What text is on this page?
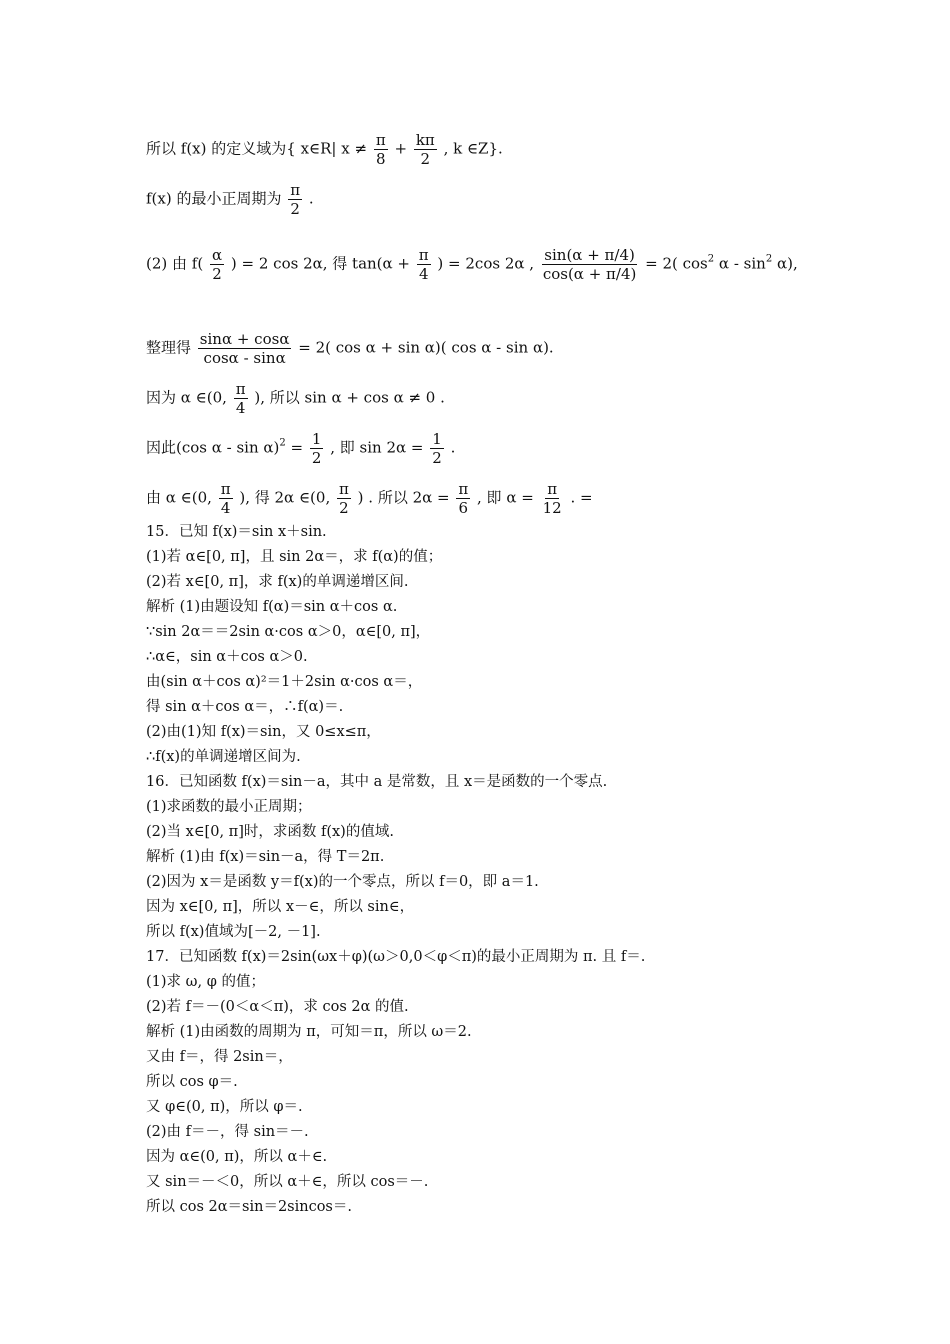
所以 f(x) 的定义域为{ x∈R| $x \ne \frac{\pi}{8} + \frac{k\pi}{2}$ , k ∈Z}.
f(x) 的最小正周期为 $\frac{\pi}{2}$ .
(2) 由 $f( \frac{\alpha}{2}$ ) = 2 cos 2α, 得 $\tan(\alpha + \frac{\pi}{4}$ ) = 2cos 2α , $\frac{\sin(\alpha + \pi/4)}{\cos(\alpha + \pi/4)} = 2$( $\cos^2 \alpha - \sin^2 \alpha$),
整理得 $\frac{\sin\alpha + \cos\alpha}{\cos\alpha - \sin\alpha} = 2$( cos α + sin α)( cos α - sin α).
因为 α ∈(0, $\frac{\pi}{4}$ ), 所以 sin α + cos α ≠ 0 .
因此(cos $\alpha - \sin \alpha)^2 = \frac{1}{2}$ , 即 $\sin 2\alpha = \frac{1}{2}$ .
由 α ∈(0, $\frac{\pi}{4}$ ), 得 2α ∈(0, $\frac{\pi}{2}$ ) . 所以 $2\alpha = \frac{\pi}{6}$ , 即 $\alpha = \frac{\pi}{12}$ . =
15．已知 f(x)＝sin x＋sin.
(1)若 α∈[0, π]，且 sin 2α＝，求 f(α)的值；
(2)若 x∈[0, π]，求 f(x)的单调递增区间.
解析 (1)由题设知 f(α)＝sin α＋cos α.
∵sin 2α＝＝2sin α·cos α＞0，α∈[0, π]，
∴α∈，sin α＋cos α＞0.
由(sin α＋cos α)²＝1＋2sin α·cos α＝，
得 sin α＋cos α＝，∴f(α)＝.
(2)由(1)知 f(x)＝sin，又 0≤x≤π，
∴f(x)的单调递增区间为.
16．已知函数 f(x)＝sin－a，其中 a 是常数，且 x＝是函数的一个零点.
(1)求函数的最小正周期；
(2)当 x∈[0, π]时，求函数 f(x)的值域.
解析 (1)由 f(x)＝sin－a，得 T＝2π.
(2)因为 x＝是函数 y＝f(x)的一个零点，所以 f＝0，即 a＝1.
因为 x∈[0, π]，所以 x－∈，所以 sin∈，
所以 f(x)值域为[－2, －1].
17．已知函数 f(x)＝2sin(ωx＋φ)(ω＞0,0＜φ＜π)的最小正周期为 π. 且 f＝.
(1)求 ω, φ 的值；
(2)若 f＝－(0＜α＜π)，求 cos 2α 的值.
解析 (1)由函数的周期为 π，可知＝π，所以 ω＝2.
又由 f＝，得 2sin＝，
所以 cos φ＝.
又 φ∈(0, π)，所以 φ＝.
(2)由 f＝－，得 sin＝－.
因为 α∈(0, π)，所以 α＋∈.
又 sin＝－＜0，所以 α＋∈，所以 cos＝－.
所以 cos 2α＝sin＝2sincos＝.
